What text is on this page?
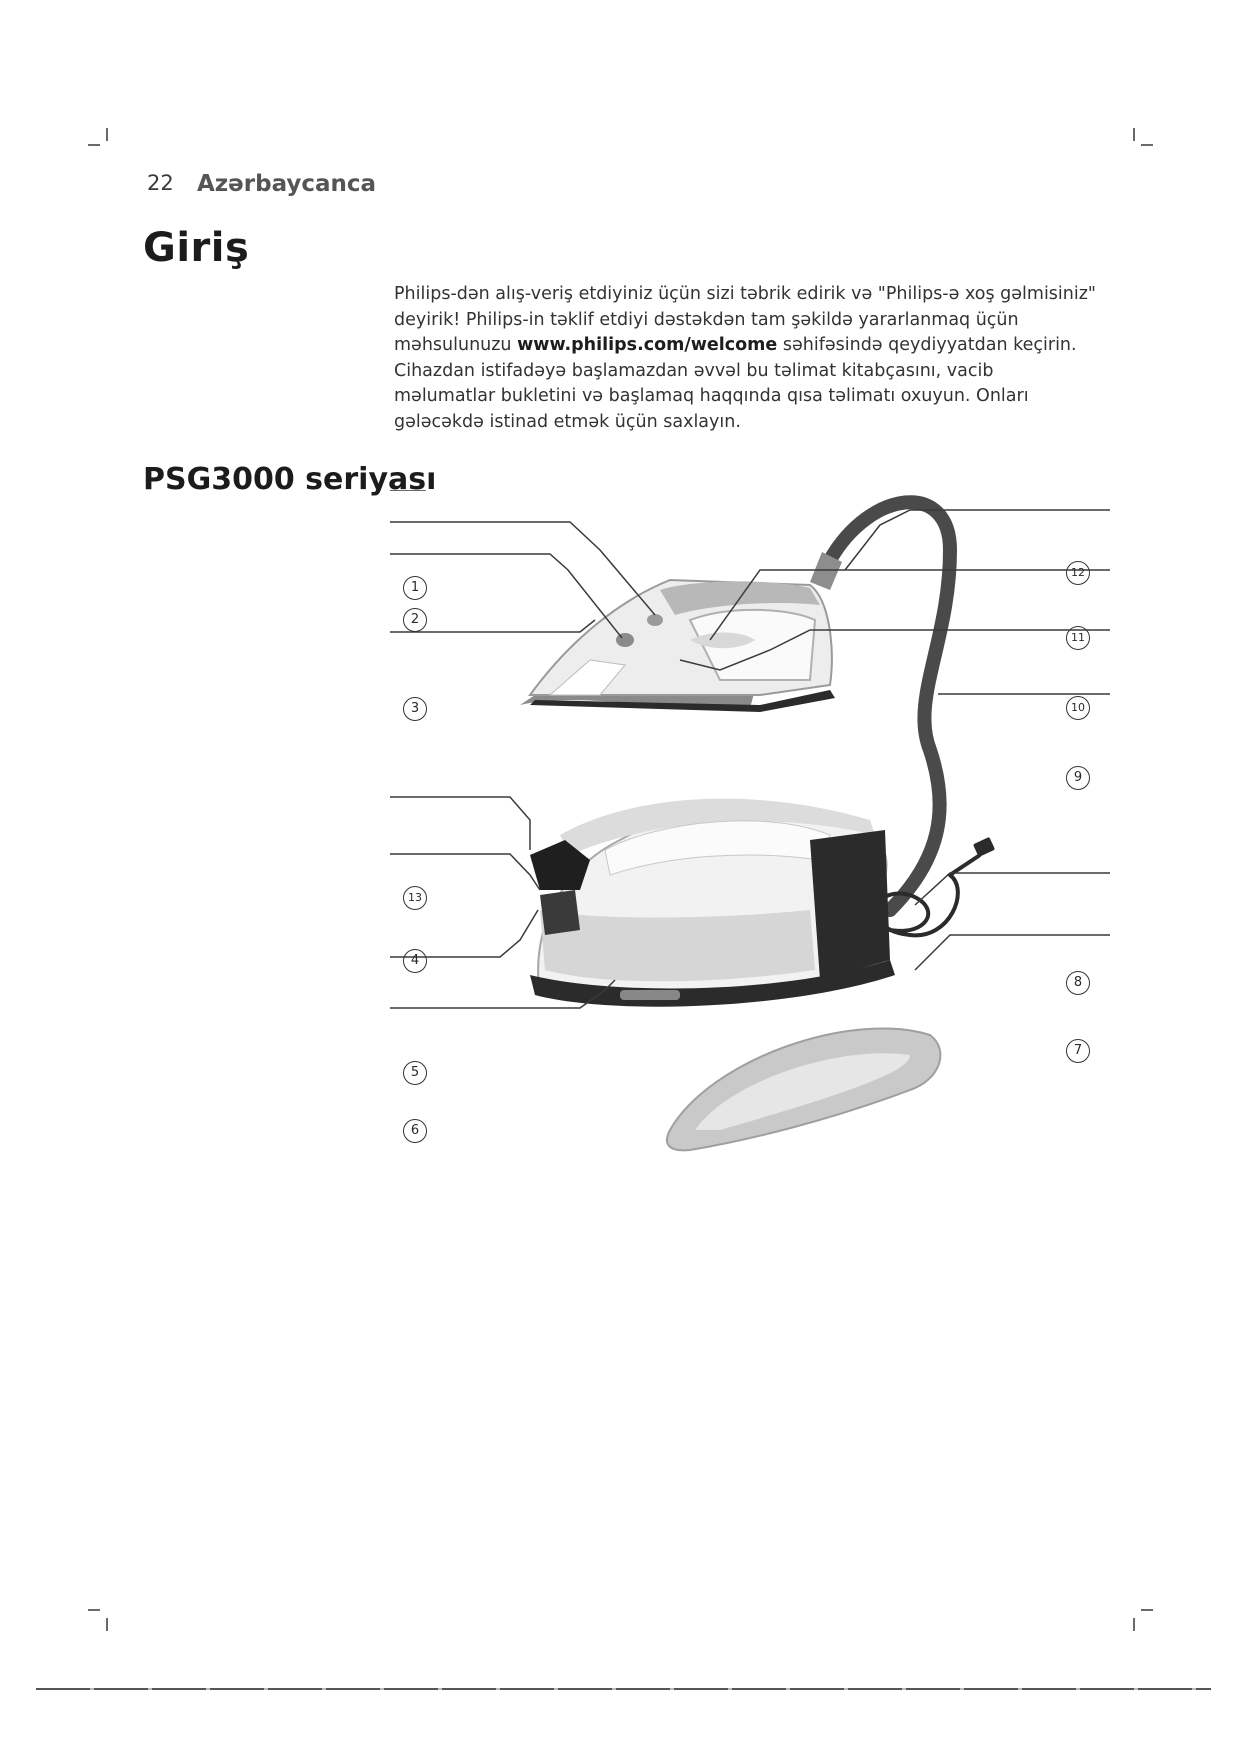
22 Azərbaycanca
Giriş

Philips-dən alış-veriş etdiyiniz üçün sizi təbrik edirik və "Philips-ə xoş gəlmisiniz" deyirik! Philips-in təklif etdiyi dəstəkdən tam şəkildə yararlanmaq üçün məhsulunuzu www.philips.com/welcome səhifəsində qeydiyyatdan keçirin. Cihazdan istifadəyə başlamazdan əvvəl bu təlimat kitabçasını, vacib məlumatlar bukletini və başlamaq haqqında qısa təlimatı oxuyun. Onları gələcəkdə istinad etmək üçün saxlayın.

PSG3000 seriyası
1
2
3
13
4
5
6
12
11
10
9
8
7
